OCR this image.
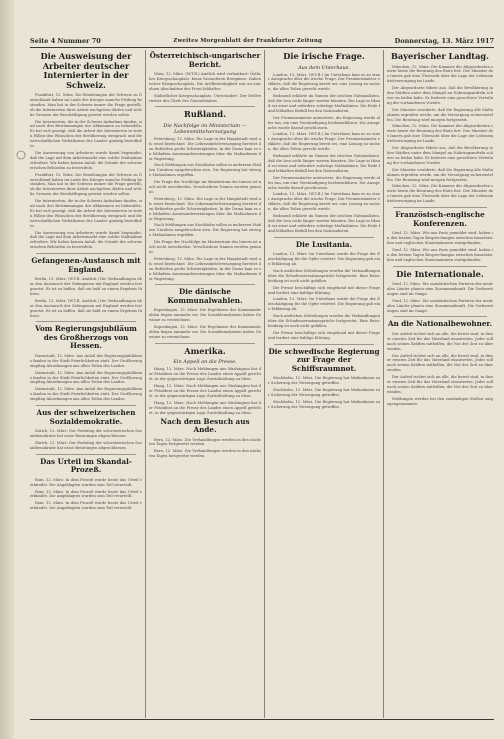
Seite 4 Nummer 70	Zweites Morgenblatt der Frankfurter Zeitung	Donnerstag, 13. März 1917
Die Ausweisung der Arbeiter deutscher Internierter in der Schweiz.
Frankfurt, 12. März. Die Beziehungen der Schweiz zu Deutschland haben im Laufe des Krieges manche Prüfung bestanden. Man hat in der Schweiz immer die Frage gestellt, ob die Internierten ihrer Arbeit nachgehen dürfen und welche Grenzen der Beschäftigung gesetzt werden sollen.
Die Internierten, die in der Schweiz Aufnahme fanden, sind nach den Bestimmungen der Abkommen zu behandeln. Es hat sich gezeigt, daß die Arbeit der Internierten in vielen Fällen den Wünschen der Bevölkerung entsprach und die wirtschaftlichen Verhältnisse des Landes günstig beeinflußte.
Die Ausweisung von Arbeitern wurde damit begründet, daß die Lage auf dem Arbeitsmarkt eine solche Maßnahme erfordere. Wir haben keinen Anlaß, die Gründe der schweizerischen Behörden zu bezweifeln.
Frankfurt, 12. März. Die Beziehungen der Schweiz zu Deutschland haben im Laufe des Krieges manche Prüfung bestanden. Man hat in der Schweiz immer die Frage gestellt, ob die Internierten ihrer Arbeit nachgehen dürfen und welche Grenzen der Beschäftigung gesetzt werden sollen.
Die Internierten, die in der Schweiz Aufnahme fanden, sind nach den Bestimmungen der Abkommen zu behandeln. Es hat sich gezeigt, daß die Arbeit der Internierten in vielen Fällen den Wünschen der Bevölkerung entsprach und die wirtschaftlichen Verhältnisse des Landes günstig beeinflußte.
Die Ausweisung von Arbeitern wurde damit begründet, daß die Lage auf dem Arbeitsmarkt eine solche Maßnahme erfordere. Wir haben keinen Anlaß, die Gründe der schweizerischen Behörden zu bezweifeln.
Gefangenen-Austausch mit England.
Berlin, 12. März. (W.T.B. Amtlich.) Die Verhandlungen über den Austausch der Gefangenen mit England werden fortgesetzt. Es ist zu hoffen, daß sie bald zu einem Ergebnis führen.
Berlin, 12. März. (W.T.B. Amtlich.) Die Verhandlungen über den Austausch der Gefangenen mit England werden fortgesetzt. Es ist zu hoffen, daß sie bald zu einem Ergebnis führen.
Vom Regierungsjubiläum des Großherzogs von Hessen.
Darmstadt, 12. März. Aus Anlaß des Regierungsjubiläums fanden in der Stadt Feierlichkeiten statt. Der Großherzog empfing Abordnungen aus allen Teilen des Landes.
Darmstadt, 12. März. Aus Anlaß des Regierungsjubiläums fanden in der Stadt Feierlichkeiten statt. Der Großherzog empfing Abordnungen aus allen Teilen des Landes.
Darmstadt, 12. März. Aus Anlaß des Regierungsjubiläums fanden in der Stadt Feierlichkeiten statt. Der Großherzog empfing Abordnungen aus allen Teilen des Landes.
Aus der schweizerischen Sozialdemokratie.
Zürich, 12. März. Der Parteitag der schweizerischen Sozialdemokratie hat seine Beratungen abgeschlossen.
Zürich, 12. März. Der Parteitag der schweizerischen Sozialdemokratie hat seine Beratungen abgeschlossen.
Das Urteil im Skandal-Prozeß.
Rom, 12. März. In dem Prozeß wurde heute das Urteil verkündet. Die Angeklagten wurden zum Teil verurteilt.
Rom, 12. März. In dem Prozeß wurde heute das Urteil verkündet. Die Angeklagten wurden zum Teil verurteilt.
Rom, 12. März. In dem Prozeß wurde heute das Urteil verkündet. Die Angeklagten wurden zum Teil verurteilt.
Österreichisch-ungarischer Bericht.
Wien, 12. März. (W.T.B.) Amtlich wird verlautbart: Östlicher Kriegsschauplatz. Keine besonderen Ereignisse. Italienischer Kriegsschauplatz. Die Artillerietätigkeit war an einzelnen Abschnitten der Front lebhafter.
Südöstlicher Kriegsschauplatz. Unverändert. Der Stellvertreter des Chefs des Generalstabes.
Rußland.
Die Nachfolge im Ministerium — Lebensmittelversorgung
Petersburg, 12. März. Die Lage in der Hauptstadt wird als ernst bezeichnet. Die Lebensmittelversorgung bereitet den Behörden große Schwierigkeiten. In der Duma kam es zu lebhaften Auseinandersetzungen über die Maßnahmen der Regierung.
Nach Meldungen aus Stockholm sollen in mehreren Städten Unruhen ausgebrochen sein. Die Regierung hat strenge Maßnahmen ergriffen.
Die Frage der Nachfolge im Ministerium des Innern ist noch nicht entschieden. Verschiedene Namen werden genannt.
Petersburg, 12. März. Die Lage in der Hauptstadt wird als ernst bezeichnet. Die Lebensmittelversorgung bereitet den Behörden große Schwierigkeiten. In der Duma kam es zu lebhaften Auseinandersetzungen über die Maßnahmen der Regierung.
Nach Meldungen aus Stockholm sollen in mehreren Städten Unruhen ausgebrochen sein. Die Regierung hat strenge Maßnahmen ergriffen.
Die Frage der Nachfolge im Ministerium des Innern ist noch nicht entschieden. Verschiedene Namen werden genannt.
Petersburg, 12. März. Die Lage in der Hauptstadt wird als ernst bezeichnet. Die Lebensmittelversorgung bereitet den Behörden große Schwierigkeiten. In der Duma kam es zu lebhaften Auseinandersetzungen über die Maßnahmen der Regierung.
Die dänische Kommunalwahlen.
Kopenhagen, 12. März. Die Ergebnisse der Kommunalwahlen liegen nunmehr vor. Die Sozialdemokraten haben Gewinne zu verzeichnen.
Kopenhagen, 12. März. Die Ergebnisse der Kommunalwahlen liegen nunmehr vor. Die Sozialdemokraten haben Gewinne zu verzeichnen.
Amerika.
Ein Appell an die Presse.
Haag, 12. März. Nach Meldungen aus Washington hat der Präsident an die Presse des Landes einen Appell gerichtet, in der gegenwärtigen Lage Zurückhaltung zu üben.
Haag, 12. März. Nach Meldungen aus Washington hat der Präsident an die Presse des Landes einen Appell gerichtet, in der gegenwärtigen Lage Zurückhaltung zu üben.
Haag, 12. März. Nach Meldungen aus Washington hat der Präsident an die Presse des Landes einen Appell gerichtet, in der gegenwärtigen Lage Zurückhaltung zu üben.
Nach dem Besuch aus Ande.
Bern, 12. März. Die Verhandlungen werden in den nächsten Tagen fortgesetzt werden.
Bern, 12. März. Die Verhandlungen werden in den nächsten Tagen fortgesetzt werden.
Die irische Frage.
Aus dem Unterhaus.
London, 12. März. (W.T.B.) Im Unterhaus kam es zu einer Aussprache über die irische Frage. Der Premierminister erklärte, daß die Regierung bereit sei, eine Lösung zu suchen, die allen Teilen gerecht werde.
Redmond erklärte im Namen der irischen Nationalisten, daß die Iren nicht länger warten könnten. Die Lage in Irland sei ernst und erfordere sofortige Maßnahmen. Die Rede fand lebhaften Beifall bei den Nationalisten.
Der Premierminister antwortete, die Regierung werde alles tun, um eine Verständigung herbeizuführen. Die Aussprache wurde darauf geschlossen.
London, 12. März. (W.T.B.) Im Unterhaus kam es zu einer Aussprache über die irische Frage. Der Premierminister erklärte, daß die Regierung bereit sei, eine Lösung zu suchen, die allen Teilen gerecht werde.
Redmond erklärte im Namen der irischen Nationalisten, daß die Iren nicht länger warten könnten. Die Lage in Irland sei ernst und erfordere sofortige Maßnahmen. Die Rede fand lebhaften Beifall bei den Nationalisten.
Der Premierminister antwortete, die Regierung werde alles tun, um eine Verständigung herbeizuführen. Die Aussprache wurde darauf geschlossen.
London, 12. März. (W.T.B.) Im Unterhaus kam es zu einer Aussprache über die irische Frage. Der Premierminister erklärte, daß die Regierung bereit sei, eine Lösung zu suchen, die allen Teilen gerecht werde.
Redmond erklärte im Namen der irischen Nationalisten, daß die Iren nicht länger warten könnten. Die Lage in Irland sei ernst und erfordere sofortige Maßnahmen. Die Rede fand lebhaften Beifall bei den Nationalisten.
Die Lusitania.
London, 12. März. Im Unterhaus wurde die Frage der Entschädigung für die Opfer erörtert. Die Regierung gab eine Erklärung ab.
Nach amtlichen Mitteilungen werden die Verhandlungen über die Schadensersatzansprüche fortgesetzt. Eine Entscheidung ist noch nicht gefallen.
Die Presse beschäftigt sich eingehend mit dieser Frage und fordert eine baldige Klärung.
London, 12. März. Im Unterhaus wurde die Frage der Entschädigung für die Opfer erörtert. Die Regierung gab eine Erklärung ab.
Nach amtlichen Mitteilungen werden die Verhandlungen über die Schadensersatzansprüche fortgesetzt. Eine Entscheidung ist noch nicht gefallen.
Die Presse beschäftigt sich eingehend mit dieser Frage und fordert eine baldige Klärung.
Die schwedische Regierung zur Frage der Schiffsraumnot.
Stockholm, 12. März. Die Regierung hat Maßnahmen zur Sicherung der Versorgung getroffen.
Stockholm, 12. März. Die Regierung hat Maßnahmen zur Sicherung der Versorgung getroffen.
Stockholm, 12. März. Die Regierung hat Maßnahmen zur Sicherung der Versorgung getroffen.
Bayerischer Landtag.
München, 12. März. Die Kammer der Abgeordneten setzte heute die Beratung des Etats fort. Der Minister des Innern gab eine Übersicht über die Lage der Lebensmittelversorgung im Lande.
Der Abgeordnete führte aus, daß die Bevölkerung in den Städten unter dem Mangel an Nahrungsmitteln schwer zu leiden habe. Er forderte eine gerechtere Verteilung der vorhandenen Vorräte.
Der Minister erwiderte, daß die Regierung alle Maßnahmen ergreifen werde, um die Versorgung sicherzustellen. Die Beratung wird morgen fortgesetzt.
München, 12. März. Die Kammer der Abgeordneten setzte heute die Beratung des Etats fort. Der Minister des Innern gab eine Übersicht über die Lage der Lebensmittelversorgung im Lande.
Der Abgeordnete führte aus, daß die Bevölkerung in den Städten unter dem Mangel an Nahrungsmitteln schwer zu leiden habe. Er forderte eine gerechtere Verteilung der vorhandenen Vorräte.
Der Minister erwiderte, daß die Regierung alle Maßnahmen ergreifen werde, um die Versorgung sicherzustellen. Die Beratung wird morgen fortgesetzt.
München, 12. März. Die Kammer der Abgeordneten setzte heute die Beratung des Etats fort. Der Minister des Innern gab eine Übersicht über die Lage der Lebensmittelversorgung im Lande.
Französisch-englische Konferenzen.
Genf, 12. März. Wie aus Paris gemeldet wird, haben in den letzten Tagen Besprechungen zwischen französischen und englischen Staatsmännern stattgefunden.
Genf, 12. März. Wie aus Paris gemeldet wird, haben in den letzten Tagen Besprechungen zwischen französischen und englischen Staatsmännern stattgefunden.
Die Internationale.
Genf, 12. März. Die sozialistischen Parteien der neutralen Länder planen eine Zusammenkunft. Die Vorbereitungen sind im Gange.
Genf, 12. März. Die sozialistischen Parteien der neutralen Länder planen eine Zusammenkunft. Die Vorbereitungen sind im Gange.
An die Nationalbewohner.
Der Aufruf richtet sich an alle, die bereit sind, in dieser ernsten Zeit für das Vaterland einzutreten. Jeder soll nach seinen Kräften mithelfen, die Not der Zeit zu überwinden.
Der Aufruf richtet sich an alle, die bereit sind, in dieser ernsten Zeit für das Vaterland einzutreten. Jeder soll nach seinen Kräften mithelfen, die Not der Zeit zu überwinden.
Der Aufruf richtet sich an alle, die bereit sind, in dieser ernsten Zeit für das Vaterland einzutreten. Jeder soll nach seinen Kräften mithelfen, die Not der Zeit zu überwinden.
Meldungen werden bei den zuständigen Stellen entgegengenommen.
